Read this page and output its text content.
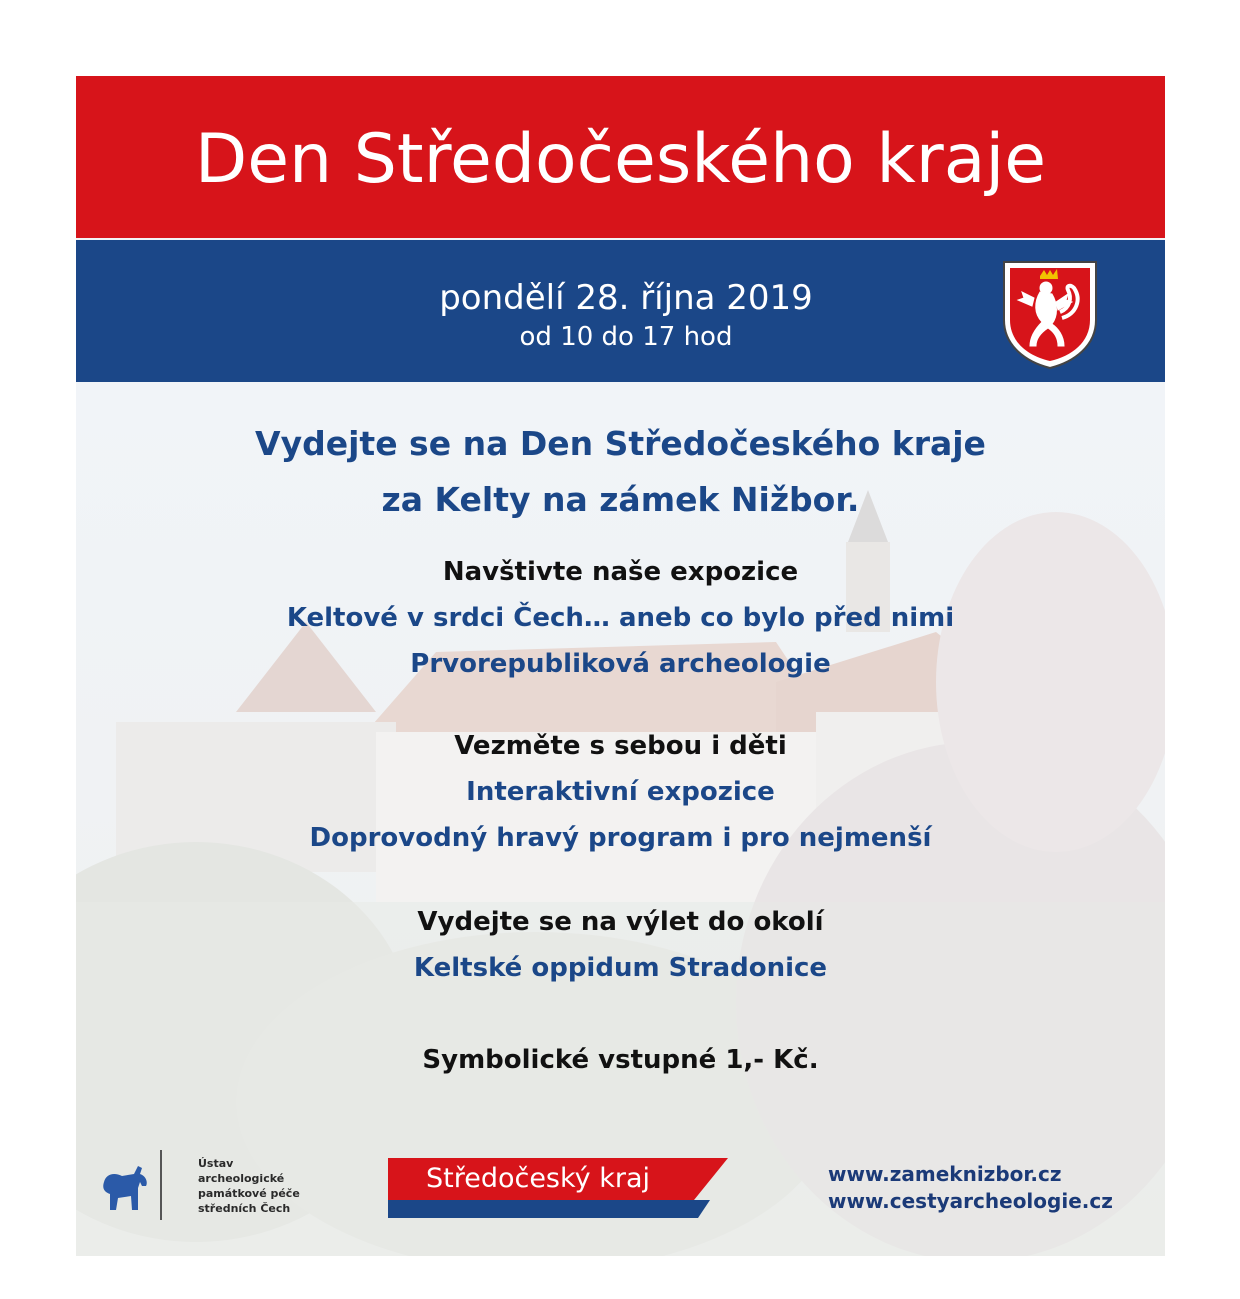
Den Středočeského kraje
pondělí 28. října 2019
od 10 do 17 hod
Vydejte se na Den Středočeského kraje
za Kelty na zámek Nižbor.
Navštivte naše expozice
Keltové v srdci Čech… aneb co bylo před nimi
Prvorepubliková archeologie
Vezměte s sebou i děti
Interaktivní expozice
Doprovodný hravý program i pro nejmenší
Vydejte se na výlet do okolí
Keltské oppidum Stradonice
Symbolické vstupné 1,- Kč.
Ústav archeologické
památkové péče
středních Čech
Středočeský kraj	www.zameknizbor.cz
www.cestyarcheologie.cz
